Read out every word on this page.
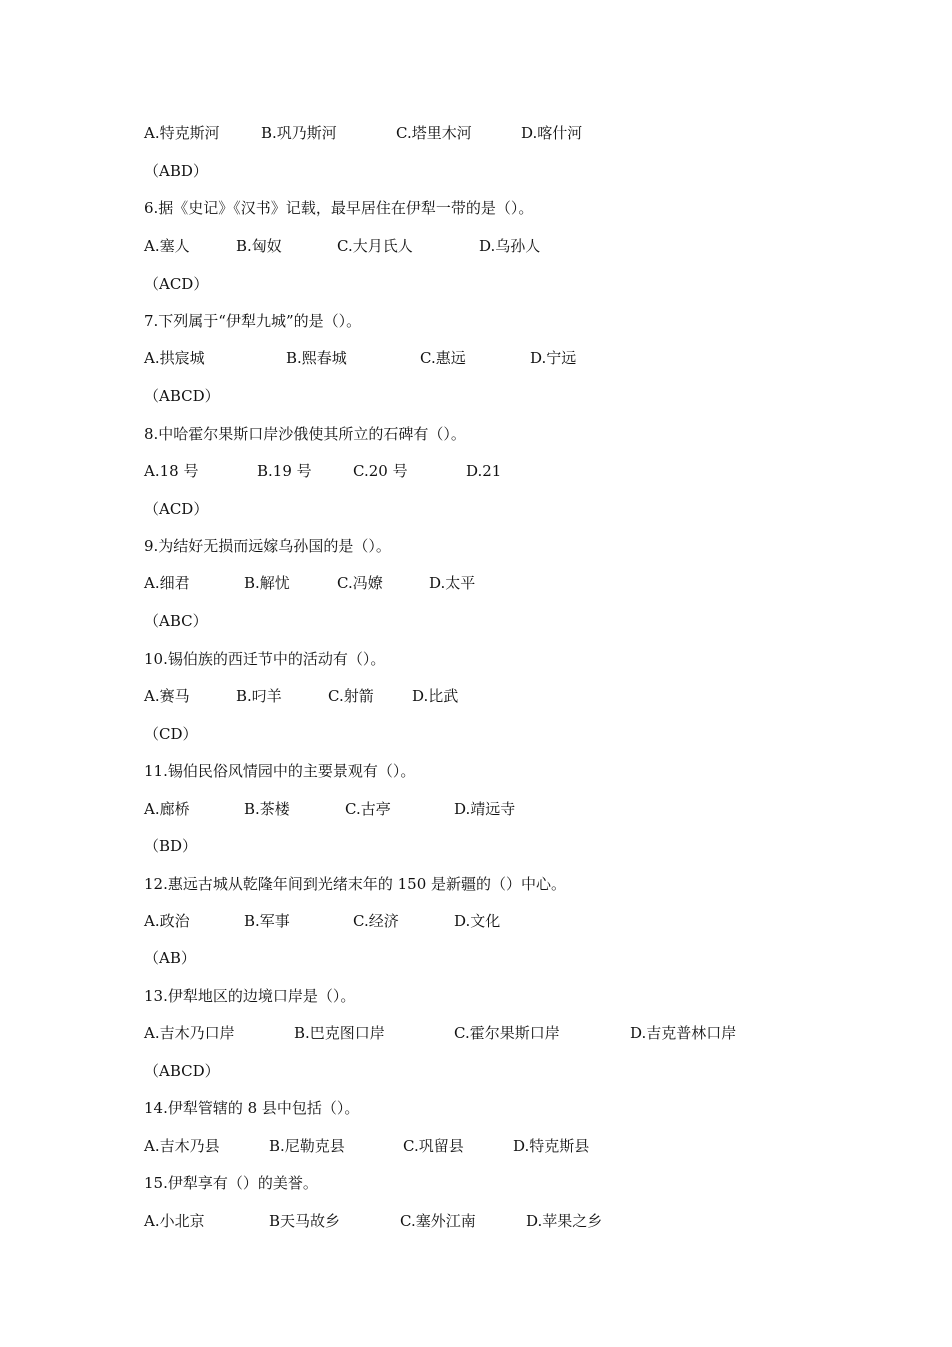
A.特克斯河	B.巩乃斯河	C.塔里木河	D.喀什河
（ABD）
6.据《史记》《汉书》记载，最早居住在伊犁一带的是（）。
A.塞人	B.匈奴	C.大月氏人	D.乌孙人
（ACD）
7.下列属于“伊犁九城”的是（）。
A.拱宸城	B.熙春城	C.惠远	D.宁远
（ABCD）
8.中哈霍尔果斯口岸沙俄使其所立的石碑有（）。
A.18 号	B.19 号	C.20 号	D.21
（ACD）
9.为结好无损而远嫁乌孙国的是（）。
A.细君	B.解忧	C.冯嫽	D.太平
（ABC）
10.锡伯族的西迁节中的活动有（）。
A.赛马	B.叼羊	C.射箭	D.比武
（CD）
11.锡伯民俗风情园中的主要景观有（）。
A.廊桥	B.茶楼	C.古亭	D.靖远寺
（BD）
12.惠远古城从乾隆年间到光绪末年的 150 是新疆的（）中心。
A.政治	B.军事	C.经济	D.文化
（AB）
13.伊犁地区的边境口岸是（）。
A.吉木乃口岸	B.巴克图口岸	C.霍尔果斯口岸	D.吉克普林口岸
（ABCD）
14.伊犁管辖的 8 县中包括（）。
A.吉木乃县	B.尼勒克县	C.巩留县	D.特克斯县
15.伊犁享有（）的美誉。
A.小北京	B天马故乡	C.塞外江南	D.苹果之乡
